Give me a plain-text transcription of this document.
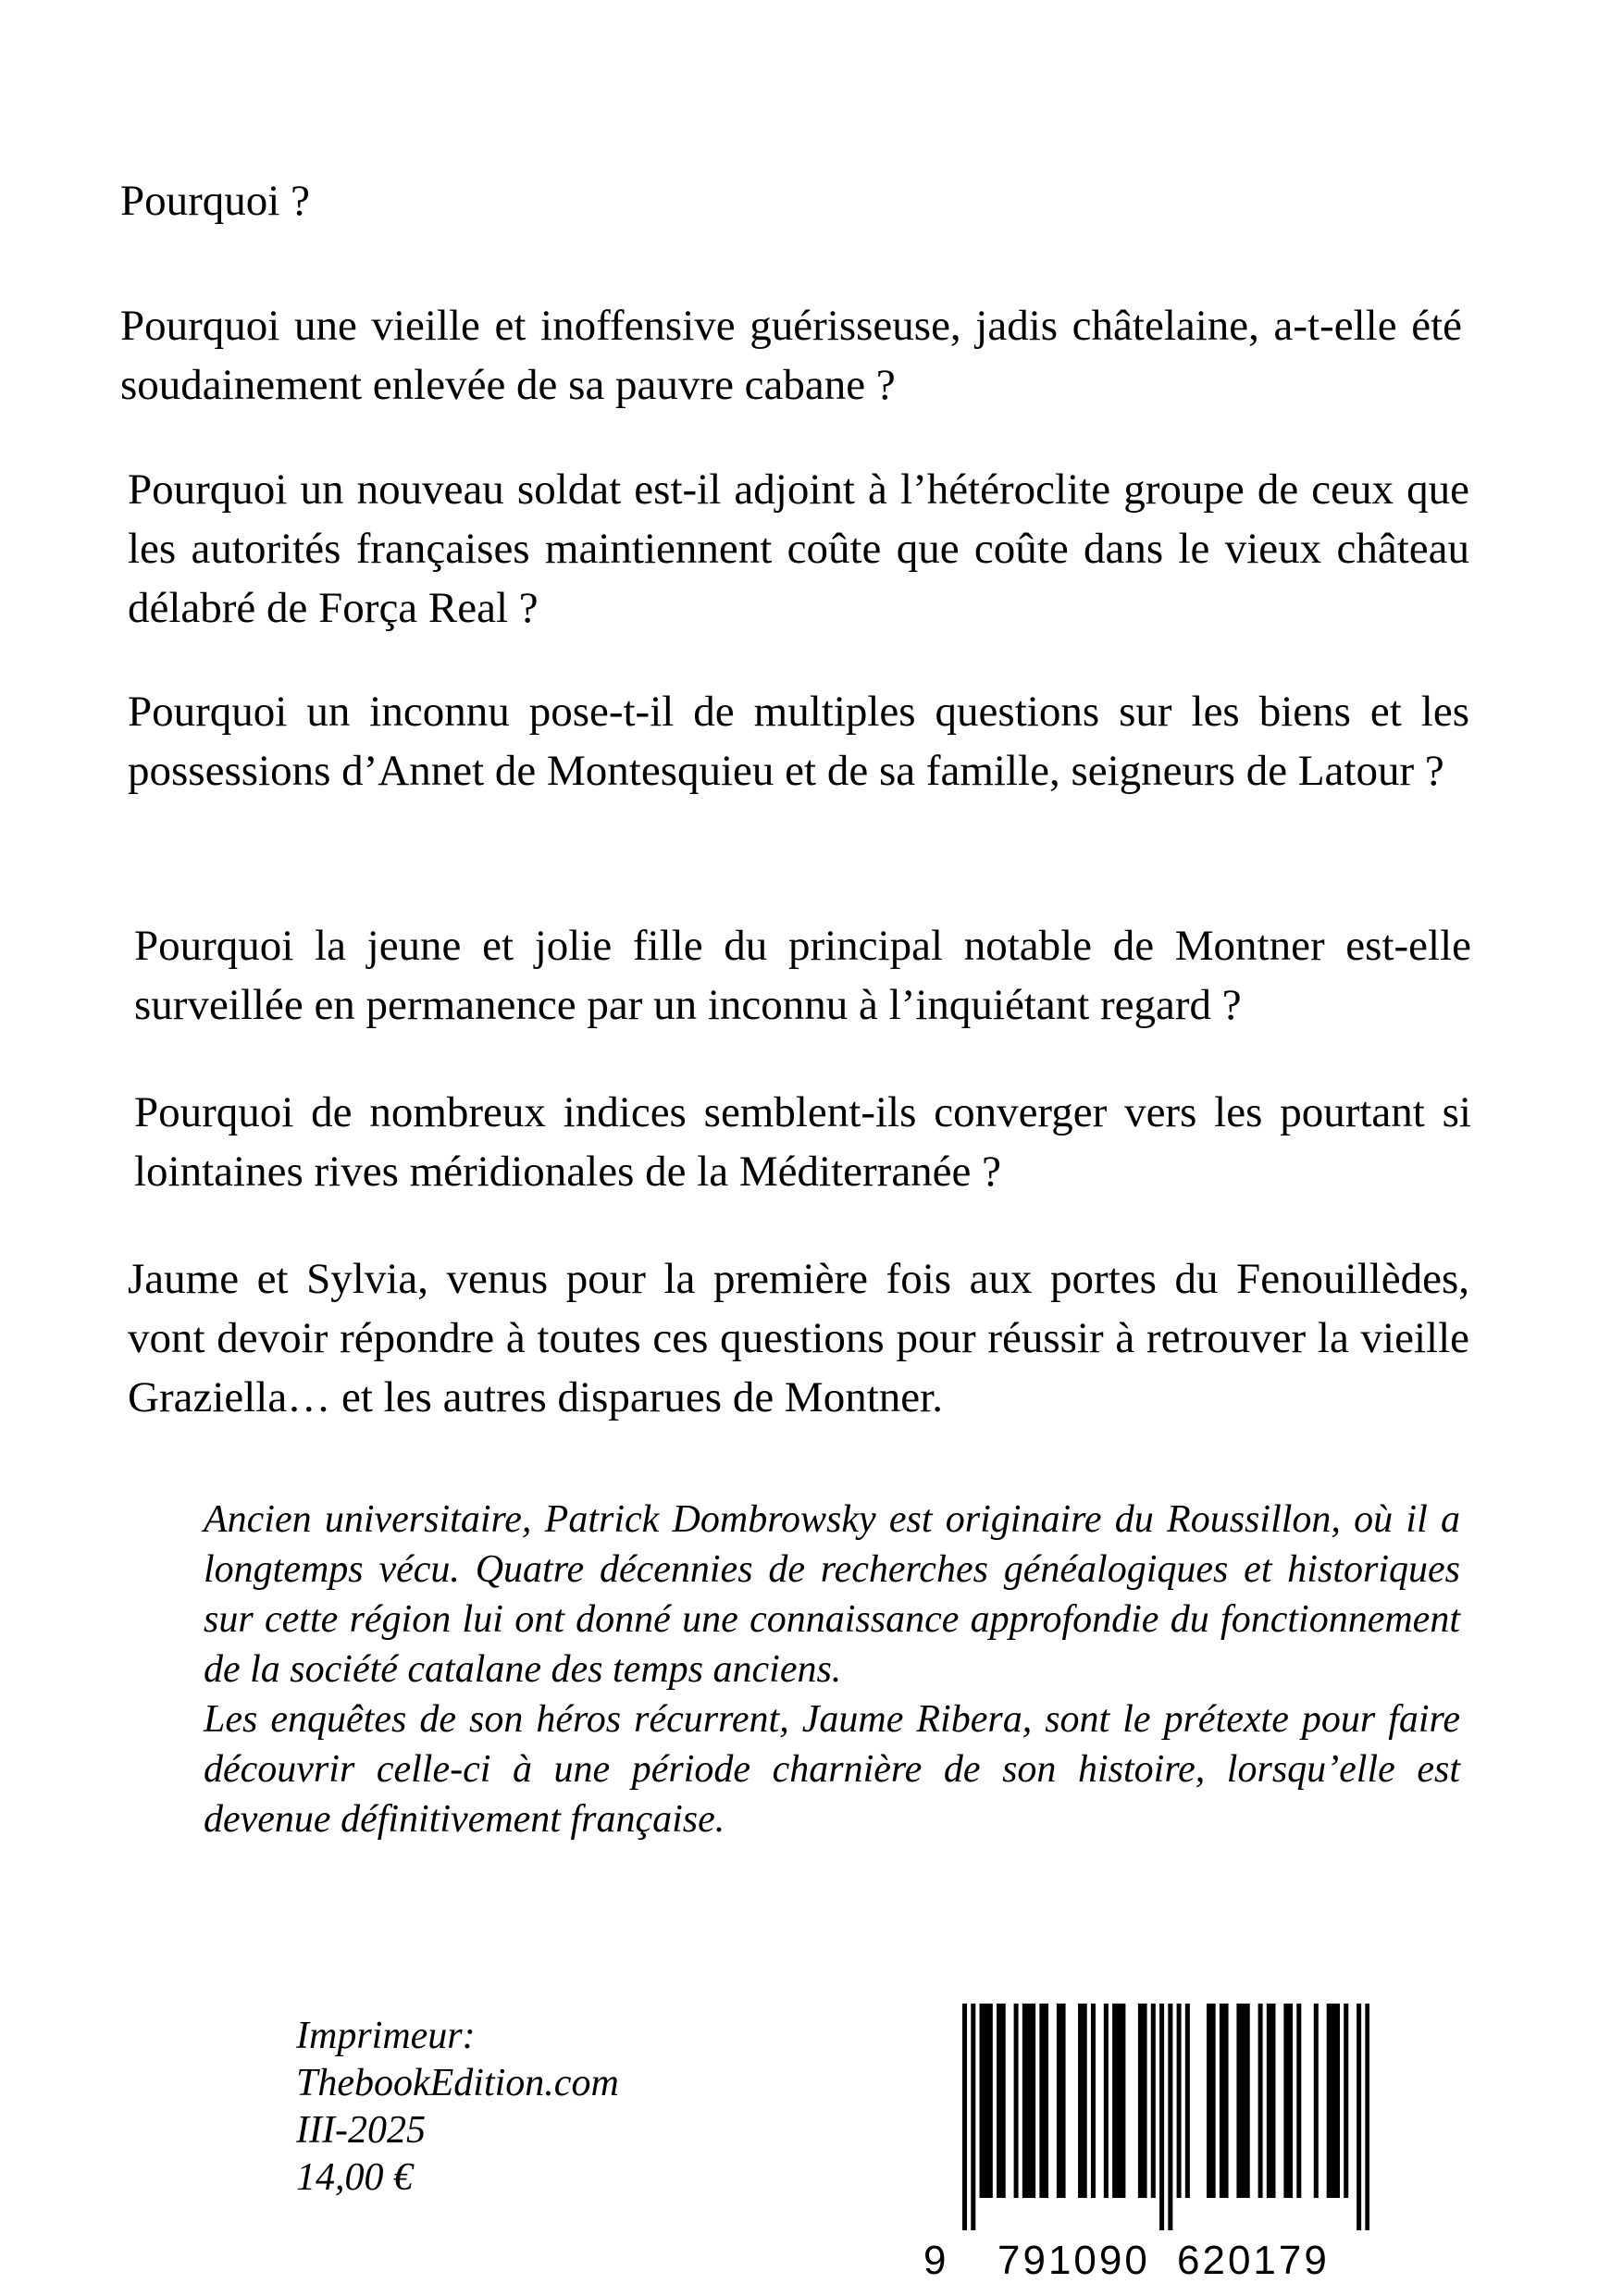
Pourquoi ?
Pourquoi une vieille et inoffensive guérisseuse, jadis châtelaine, a-t-elle été soudainement enlevée de sa pauvre cabane ?
Pourquoi un nouveau soldat est-il adjoint à l’hétéroclite groupe de ceux que les autorités françaises maintiennent coûte que coûte dans le vieux château délabré de Força Real ?
Pourquoi un inconnu pose-t-il de multiples questions sur les biens et les possessions d’Annet de Montesquieu et de sa famille, seigneurs de Latour ?
Pourquoi la jeune et jolie fille du principal notable de Montner est-elle surveillée en permanence par un inconnu à l’inquiétant regard ?
Pourquoi de nombreux indices semblent-ils converger vers les pourtant si lointaines rives méridionales de la Méditerranée ?
Jaume et Sylvia, venus pour la première fois aux portes du Fenouillèdes, vont devoir répondre à toutes ces questions pour réussir à retrouver la vieille Graziella… et les autres disparues de Montner.

Ancien universitaire, Patrick Dombrowsky est originaire du Roussillon, où il a longtemps vécu. Quatre décennies de recherches généalogiques et historiques sur cette région lui ont donné une connaissance approfondie du fonctionnement de la société catalane des temps anciens.

Les enquêtes de son héros récurrent, Jaume Ribera, sont le prétexte pour faire découvrir celle-ci à une période charnière de son histoire, lorsqu’elle est devenue définitivement française.

Imprimeur:
ThebookEdition.com
III-2025
14,00 €
9 791090 620179
